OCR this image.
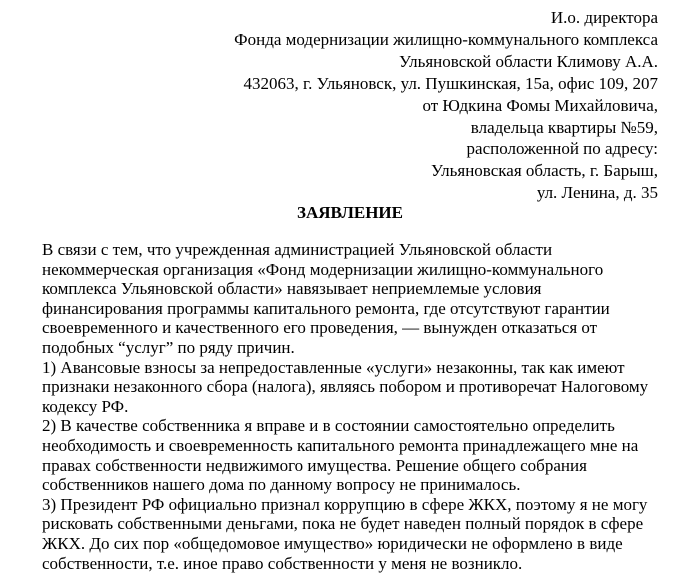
И.о. директора
Фонда модернизации жилищно-коммунального комплекса
Ульяновской области Климову А.А.
432063, г. Ульяновск, ул. Пушкинская, 15а, офис 109, 207
от Юдкина Фомы Михайловича,
владельца квартиры №59,
расположенной по адресу:
Ульяновская область, г. Барыш,
ул. Ленина, д. 35
ЗАЯВЛЕНИЕ
В связи с тем, что учрежденная администрацией Ульяновской области
некоммерческая организация «Фонд модернизации жилищно-коммунального
комплекса Ульяновской области» навязывает неприемлемые условия
финансирования программы капитального ремонта, где отсутствуют гарантии
своевременного и качественного его проведения, — вынужден отказаться от
подобных “услуг” по ряду причин.
1) Авансовые взносы за непредоставленные «услуги» незаконны, так как имеют
признаки незаконного сбора (налога), являясь побором и противоречат Налоговому
кодексу РФ.
2) В качестве собственника я вправе и в состоянии самостоятельно определить
необходимость и своевременность капитального ремонта принадлежащего мне на
правах собственности недвижимого имущества. Решение общего собрания
собственников нашего дома по данному вопросу не принималось.
3) Президент РФ официально признал коррупцию в сфере ЖКХ, поэтому я не могу
рисковать собственными деньгами, пока не будет наведен полный порядок в сфере
ЖКХ. До сих пор «общедомовое имущество» юридически не оформлено в виде
собственности, т.е. иное право собственности у меня не возникло.
